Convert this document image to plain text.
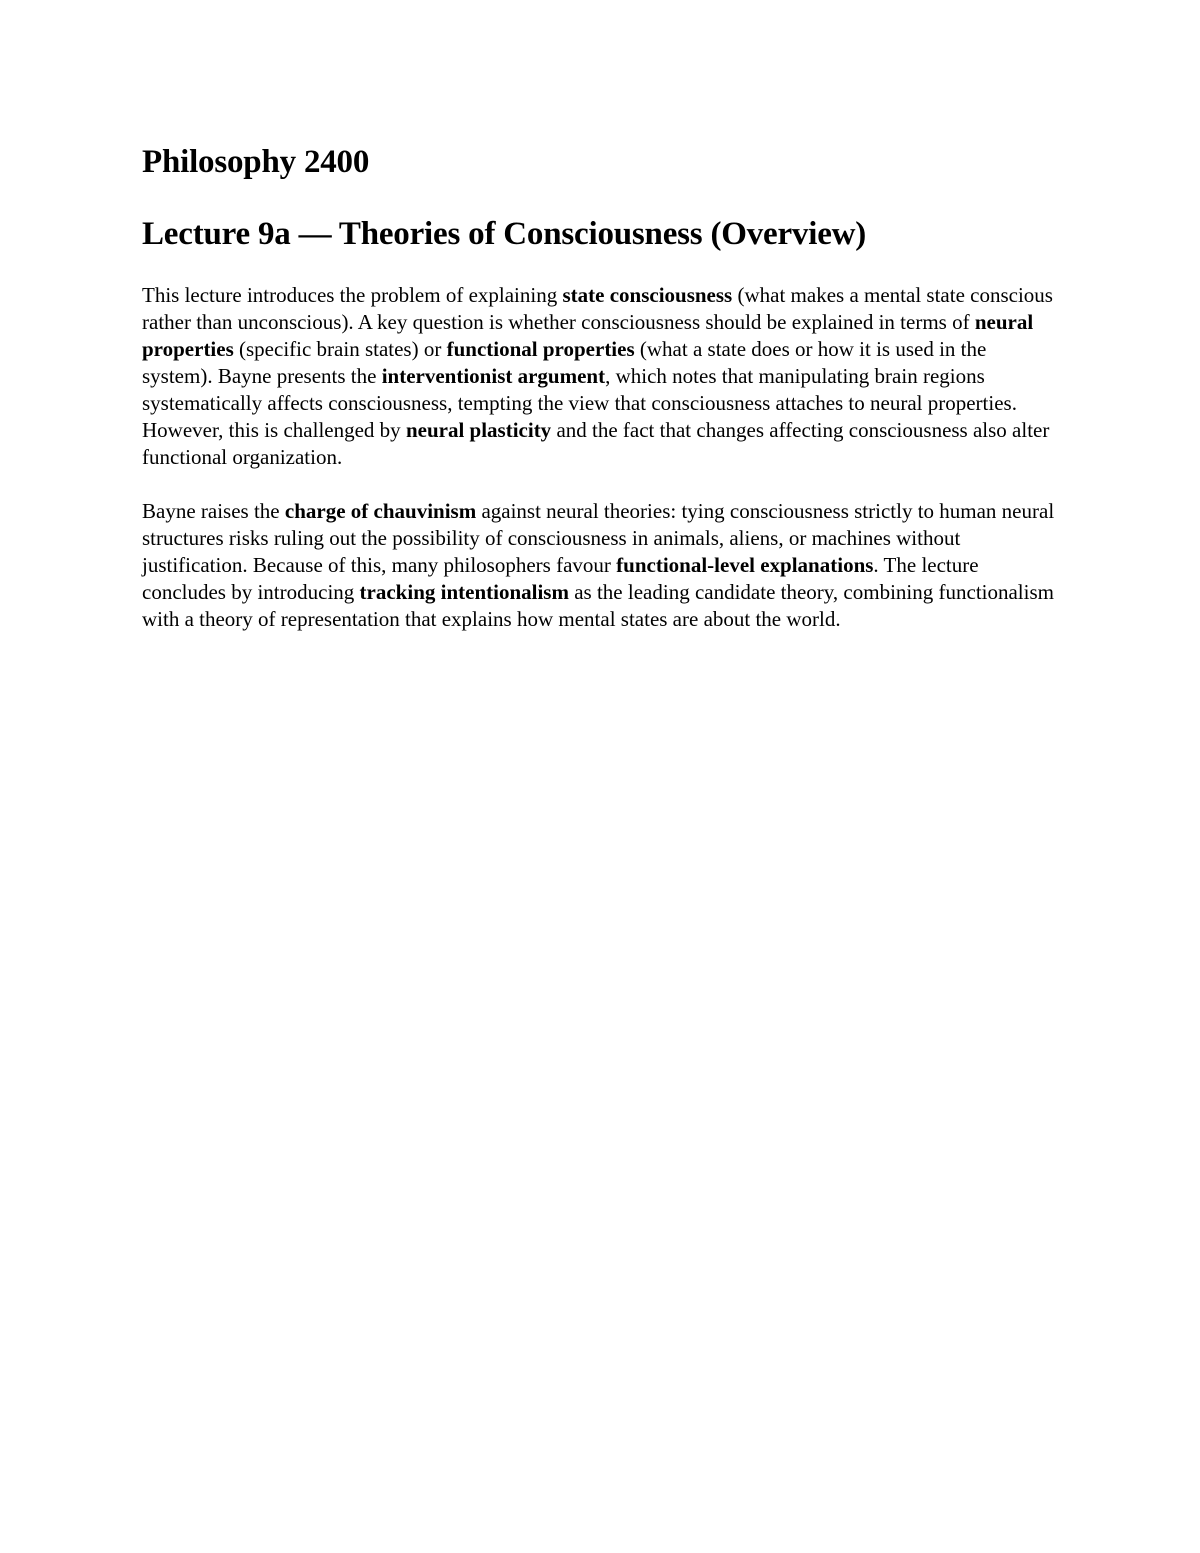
Philosophy 2400
Lecture 9a — Theories of Consciousness (Overview)

This lecture introduces the problem of explaining state consciousness (what makes a mental state conscious rather than unconscious). A key question is whether consciousness should be explained in terms of neural properties (specific brain states) or functional properties (what a state does or how it is used in the system). Bayne presents the interventionist argument, which notes that manipulating brain regions systematically affects consciousness, tempting the view that consciousness attaches to neural properties. However, this is challenged by neural plasticity and the fact that changes affecting consciousness also alter functional organization.

Bayne raises the charge of chauvinism against neural theories: tying consciousness strictly to human neural structures risks ruling out the possibility of consciousness in animals, aliens, or machines without justification. Because of this, many philosophers favour functional-level explanations. The lecture concludes by introducing tracking intentionalism as the leading candidate theory, combining functionalism with a theory of representation that explains how mental states are about the world.
